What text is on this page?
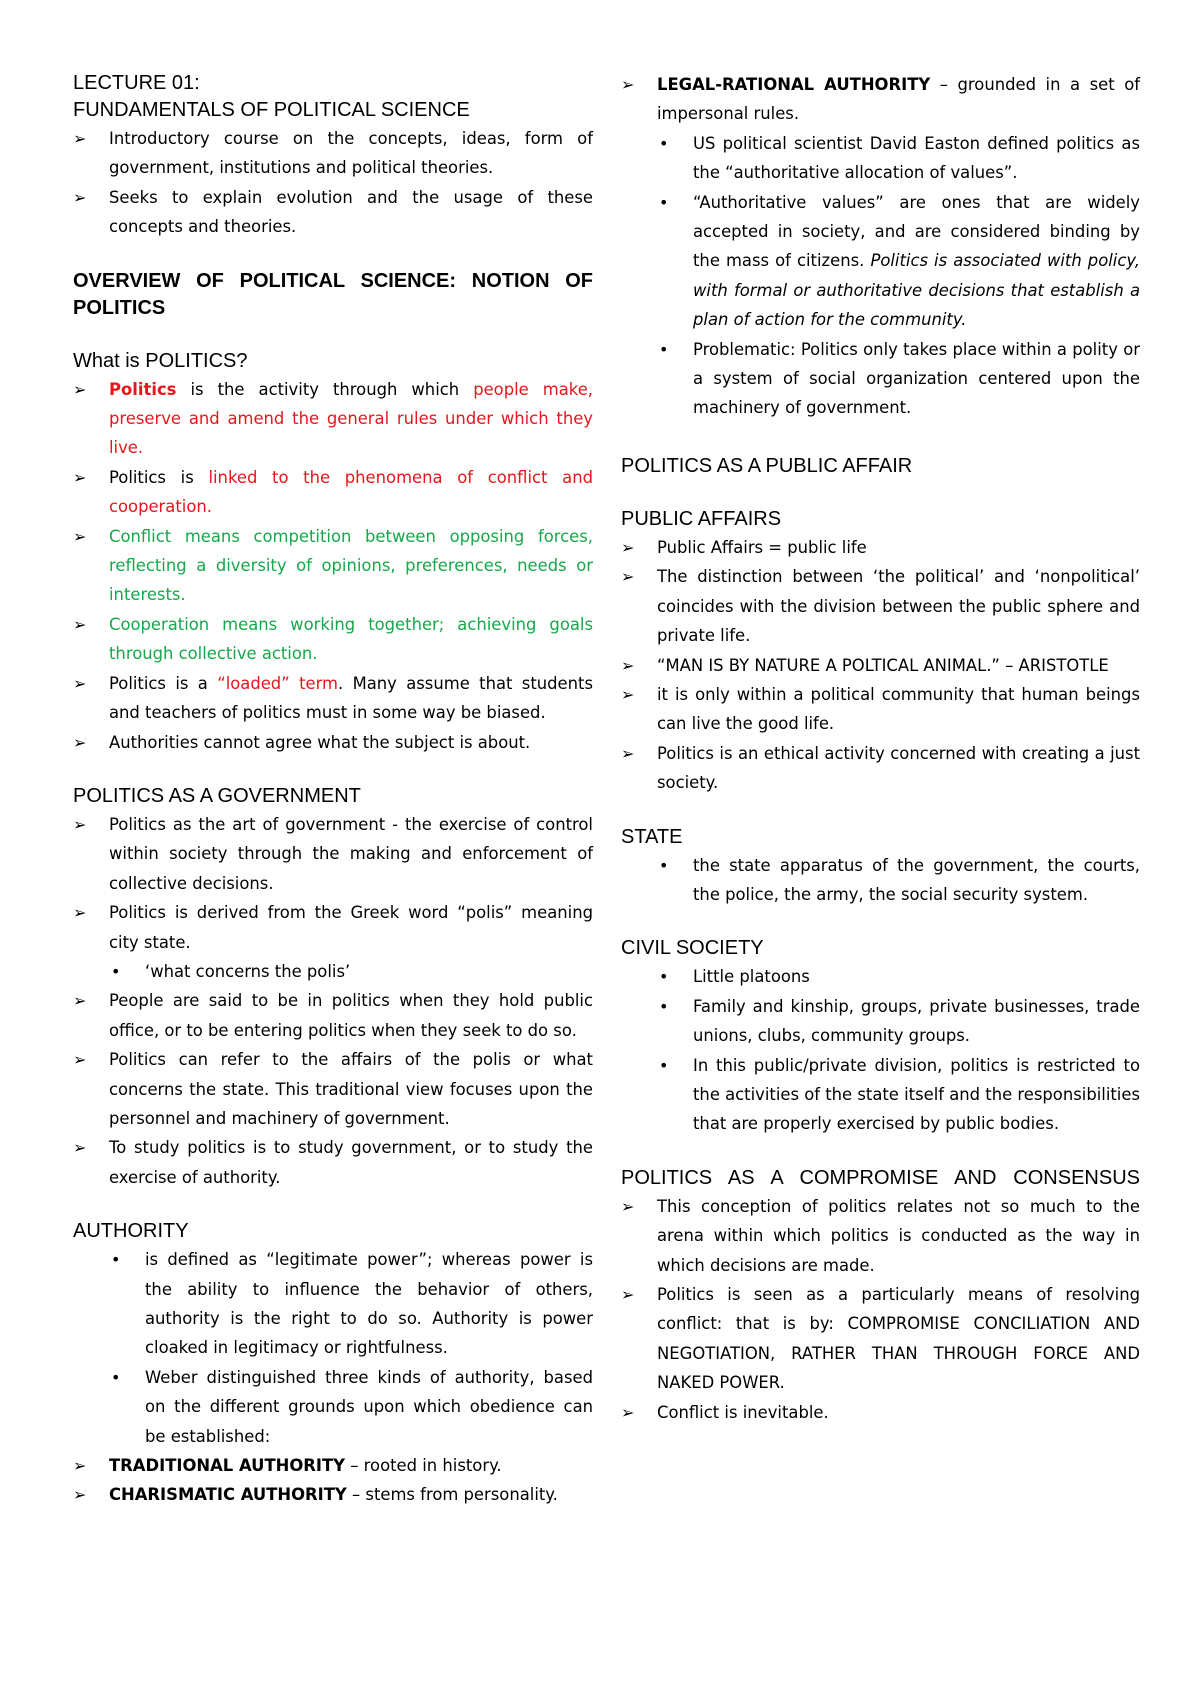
LECTURE 01:
FUNDAMENTALS OF POLITICAL SCIENCE
➢	Introductory course on the concepts, ideas, form of government, institutions and political theories.
➢	Seeks to explain evolution and the usage of these concepts and theories.
OVERVIEW OF POLITICAL SCIENCE: NOTION OF POLITICS
What is POLITICS?
➢	Politics is the activity through which people make, preserve and amend the general rules under which they live.
➢	Politics is linked to the phenomena of conflict and cooperation.
➢	Conflict means competition between opposing forces, reflecting a diversity of opinions, preferences, needs or interests.
➢	Cooperation means working together; achieving goals through collective action.
➢	Politics is a “loaded” term. Many assume that students and teachers of politics must in some way be biased.
➢	Authorities cannot agree what the subject is about.
POLITICS AS A GOVERNMENT
➢	Politics as the art of government - the exercise of control within society through the making and enforcement of collective decisions.
➢	Politics is derived from the Greek word “polis” meaning city state.
• ‘what concerns the polis’
➢	People are said to be in politics when they hold public office, or to be entering politics when they seek to do so.
➢	Politics can refer to the affairs of the polis or what concerns the state. This traditional view focuses upon the personnel and machinery of government.
➢	To study politics is to study government, or to study the exercise of authority.
AUTHORITY
• is defined as “legitimate power”; whereas power is the ability to influence the behavior of others, authority is the right to do so. Authority is power cloaked in legitimacy or rightfulness.
• Weber distinguished three kinds of authority, based on the different grounds upon which obedience can be established:
➢	TRADITIONAL AUTHORITY – rooted in history.
➢	CHARISMATIC AUTHORITY – stems from personality.
➢	LEGAL-RATIONAL AUTHORITY – grounded in a set of impersonal rules.
• US political scientist David Easton defined politics as the “authoritative allocation of values”.
• “Authoritative values” are ones that are widely accepted in society, and are considered binding by the mass of citizens. Politics is associated with policy, with formal or authoritative decisions that establish a plan of action for the community.
• Problematic: Politics only takes place within a polity or a system of social organization centered upon the machinery of government.
POLITICS AS A PUBLIC AFFAIR
PUBLIC AFFAIRS
➢	Public Affairs = public life
➢	The distinction between ‘the political’ and ‘nonpolitical’ coincides with the division between the public sphere and private life.
➢	“MAN IS BY NATURE A POLTICAL ANIMAL.” – ARISTOTLE
➢	it is only within a political community that human beings can live the good life.
➢	Politics is an ethical activity concerned with creating a just society.
STATE
• the state apparatus of the government, the courts, the police, the army, the social security system.
CIVIL SOCIETY
• Little platoons
• Family and kinship, groups, private businesses, trade unions, clubs, community groups.
• In this public/private division, politics is restricted to the activities of the state itself and the responsibilities that are properly exercised by public bodies.
POLITICS AS A COMPROMISE AND CONSENSUS
➢	This conception of politics relates not so much to the arena within which politics is conducted as the way in which decisions are made.
➢	Politics is seen as a particularly means of resolving conflict: that is by: COMPROMISE CONCILIATION AND NEGOTIATION, RATHER THAN THROUGH FORCE AND NAKED POWER.
➢	Conflict is inevitable.
